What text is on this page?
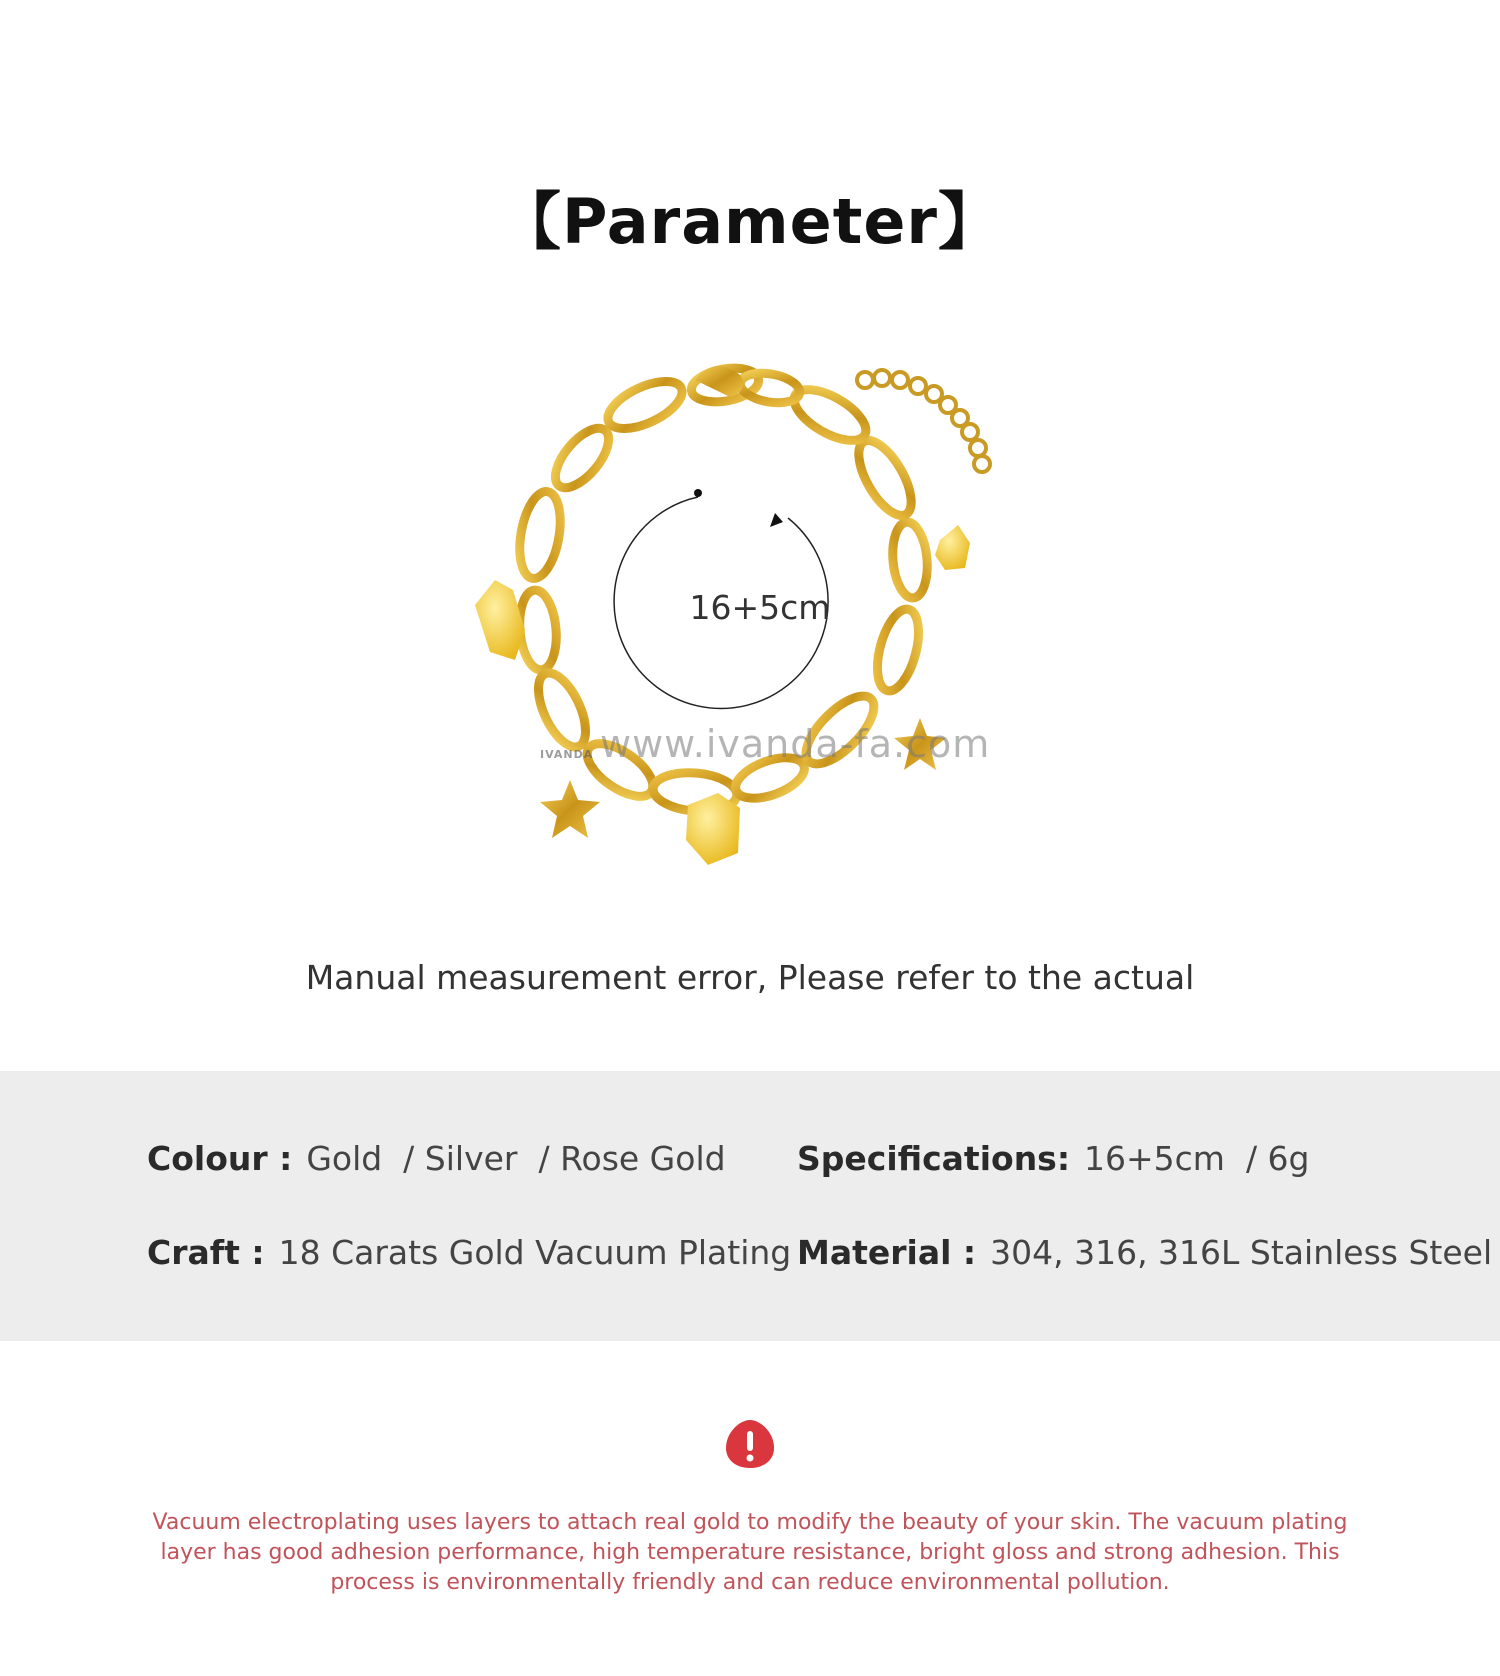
【Parameter】
16+5cm
www.ivanda-fa.com
IVANDA
Manual measurement error, Please refer to the actual
Colour : Gold  / Silver  / Rose Gold Specifications: 16+5cm  / 6g
Craft : 18 Carats Gold Vacuum Plating Material : 304, 316, 316L Stainless Steel
Vacuum electroplating uses layers to attach real gold to modify the beauty of your skin. The vacuum plating layer has good adhesion performance, high temperature resistance, bright gloss and strong adhesion. This process is environmentally friendly and can reduce environmental pollution.
